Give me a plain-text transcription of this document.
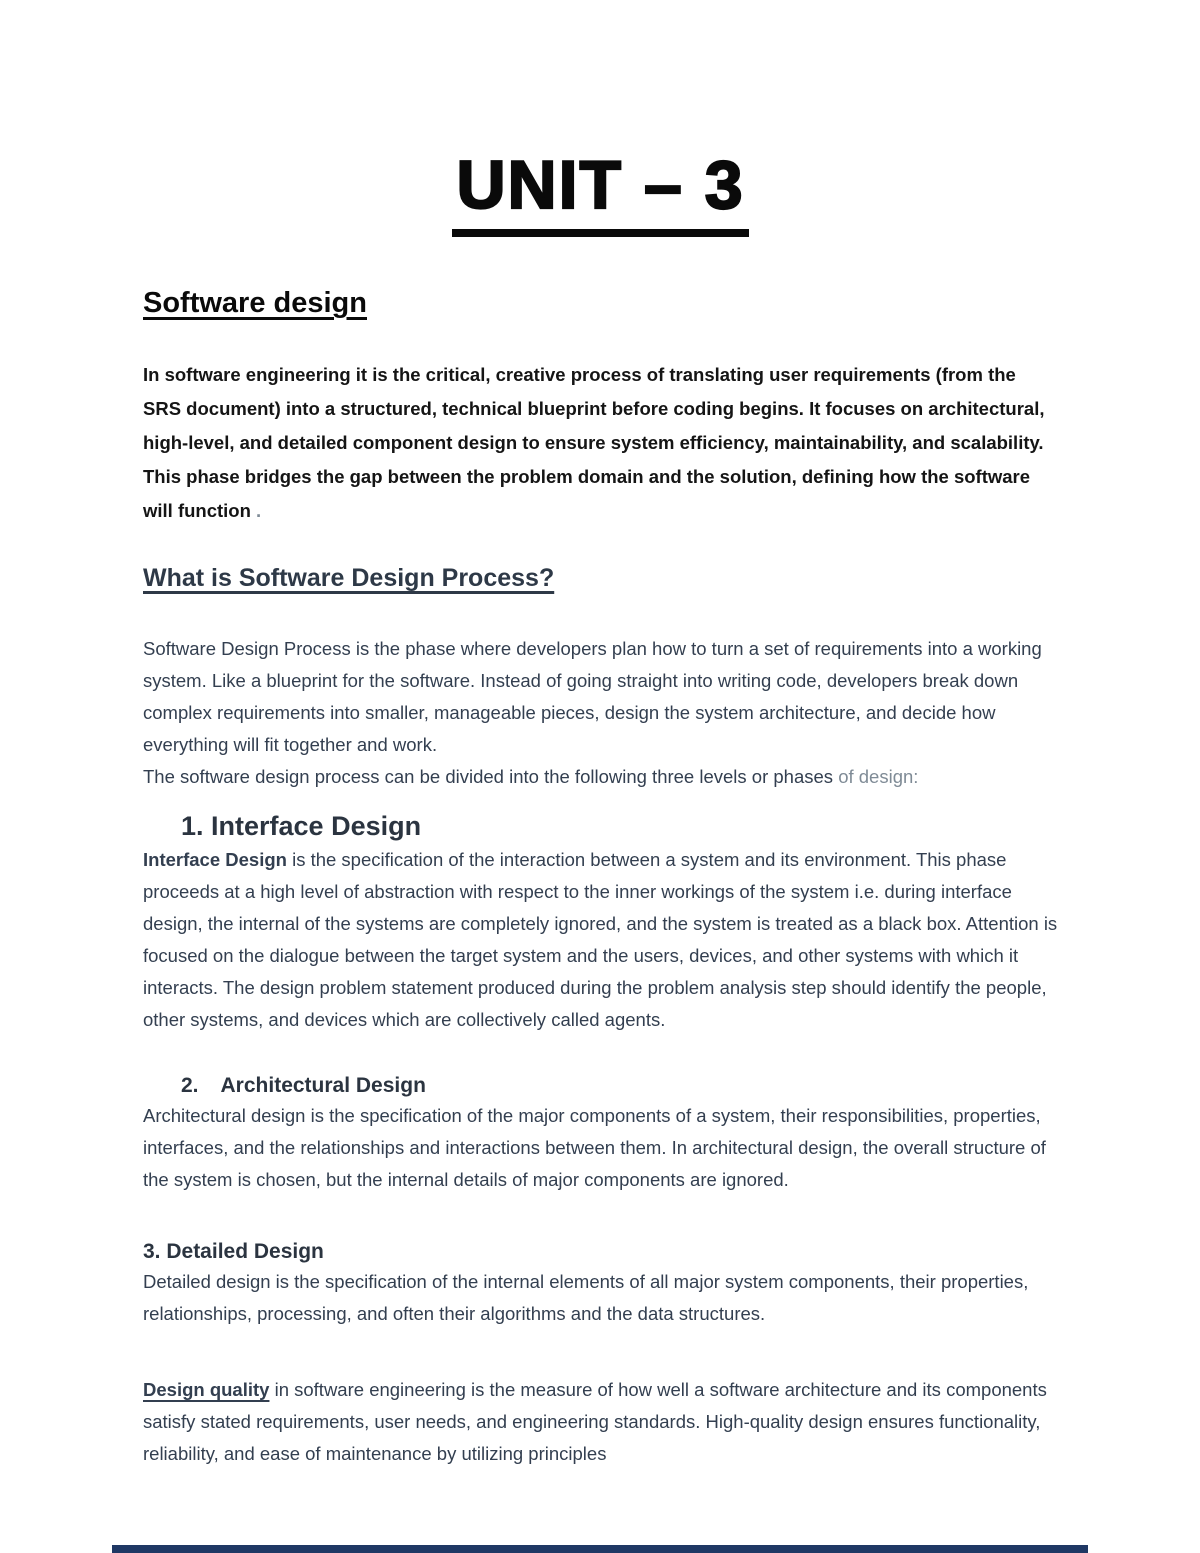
UNIT – 3
Software design

In software engineering it is the critical, creative process of translating user requirements (from the SRS document) into a structured, technical blueprint before coding begins. It focuses on architectural, high-level, and detailed component design to ensure system efficiency, maintainability, and scalability. This phase bridges the gap between the problem domain and the solution, defining how the software will function .

What is Software Design Process?

Software Design Process is the phase where developers plan how to turn a set of requirements into a working system. Like a blueprint for the software. Instead of going straight into writing code, developers break down complex requirements into smaller, manageable pieces, design the system architecture, and decide how everything will fit together and work.

The software design process can be divided into the following three levels or phases of design:

1. Interface Design

Interface Design is the specification of the interaction between a system and its environment. This phase proceeds at a high level of abstraction with respect to the inner workings of the system i.e. during interface design, the internal of the systems are completely ignored, and the system is treated as a black box. Attention is focused on the dialogue between the target system and the users, devices, and other systems with which it interacts. The design problem statement produced during the problem analysis step should identify the people, other systems, and devices which are collectively called agents.

2. Architectural Design

Architectural design is the specification of the major components of a system, their responsibilities, properties, interfaces, and the relationships and interactions between them. In architectural design, the overall structure of the system is chosen, but the internal details of major components are ignored.

3. Detailed Design

Detailed design is the specification of the internal elements of all major system components, their properties, relationships, processing, and often their algorithms and the data structures.

Design quality in software engineering is the measure of how well a software architecture and its components satisfy stated requirements, user needs, and engineering standards. High-quality design ensures functionality, reliability, and ease of maintenance by utilizing principles
